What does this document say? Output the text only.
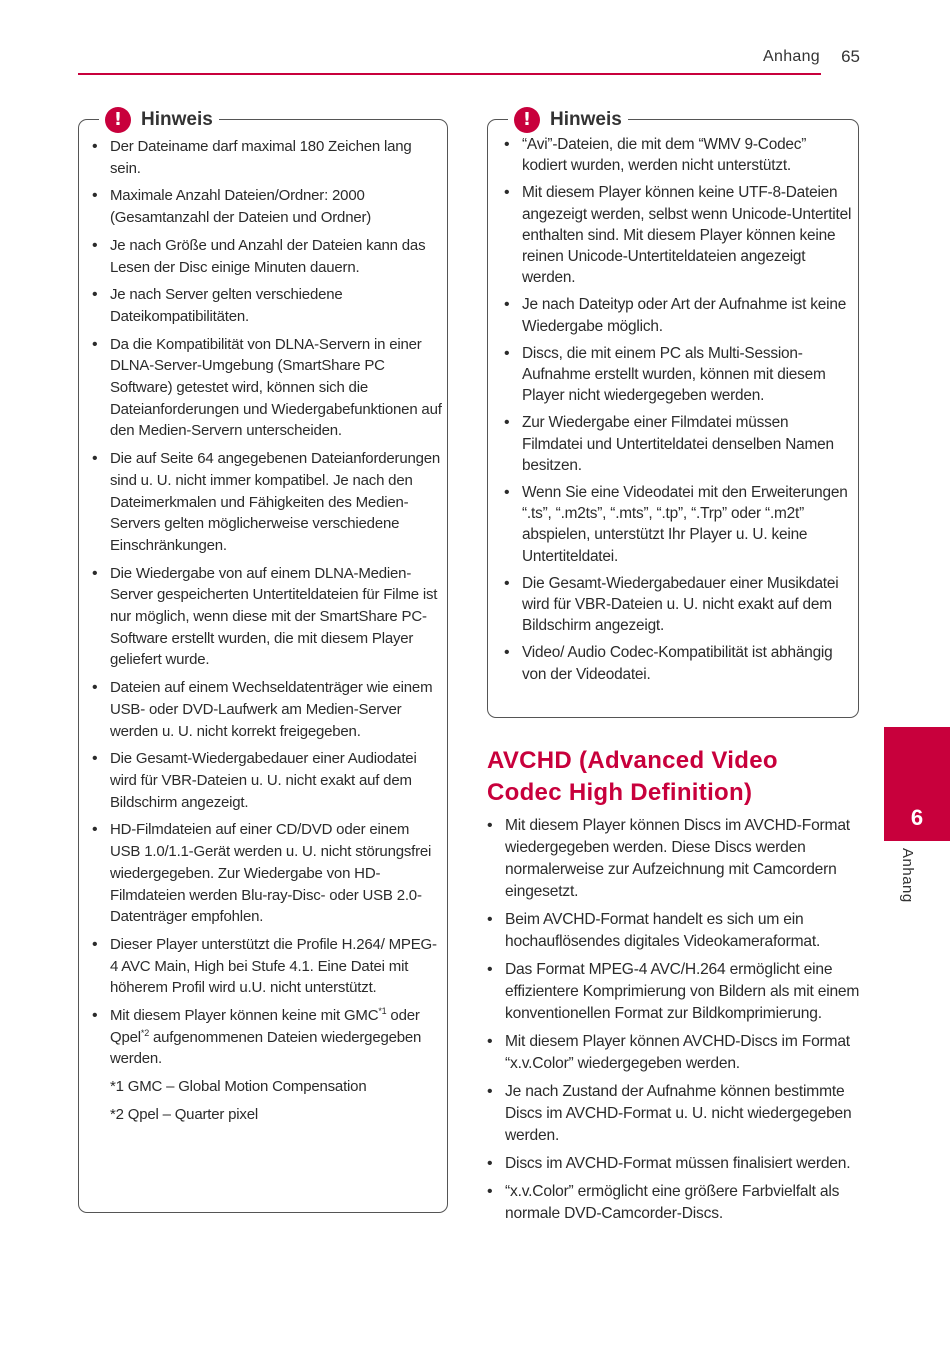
Anhang 65
! Hinweis
• Der Dateiname darf maximal 180 Zeichen lang sein.
• Maximale Anzahl Dateien/Ordner: 2000 (Gesamtanzahl der Dateien und Ordner)
• Je nach Größe und Anzahl der Dateien kann das Lesen der Disc einige Minuten dauern.
• Je nach Server gelten verschiedene Dateikompatibilitäten.
• Da die Kompatibilität von DLNA-Servern in einer DLNA-Server-Umgebung (SmartShare PC Software) getestet wird, können sich die Dateianforderungen und Wiedergabefunktionen auf den Medien-Servern unterscheiden.
• Die auf Seite 64 angegebenen Dateianforderungen sind u. U. nicht immer kompatibel. Je nach den Dateimerkmalen und Fähigkeiten des Medien-Servers gelten möglicherweise verschiedene Einschränkungen.
• Die Wiedergabe von auf einem DLNA-Medien-Server gespeicherten Untertiteldateien für Filme ist nur möglich, wenn diese mit der SmartShare PC-Software erstellt wurden, die mit diesem Player geliefert wurde.
• Dateien auf einem Wechseldatenträger wie einem USB- oder DVD-Laufwerk am Medien-Server werden u. U. nicht korrekt freigegeben.
• Die Gesamt-Wiedergabedauer einer Audiodatei wird für VBR-Dateien u. U. nicht exakt auf dem Bildschirm angezeigt.
• HD-Filmdateien auf einer CD/DVD oder einem USB 1.0/1.1-Gerät werden u. U. nicht störungsfrei wiedergegeben. Zur Wiedergabe von HD-Filmdateien werden Blu-ray-Disc- oder USB 2.0-Datenträger empfohlen.
• Dieser Player unterstützt die Profile H.264/ MPEG-4 AVC Main, High bei Stufe 4.1. Eine Datei mit höherem Profil wird u.U. nicht unterstützt.
• Mit diesem Player können keine mit GMC$^{*1}$ oder Qpel$^{*2}$ aufgenommenen Dateien wiedergegeben werden.
*1 GMC – Global Motion Compensation
*2 Qpel – Quarter pixel
! Hinweis
• “Avi”-Dateien, die mit dem “WMV 9-Codec” kodiert wurden, werden nicht unterstützt.
• Mit diesem Player können keine UTF-8-Dateien angezeigt werden, selbst wenn Unicode-Untertitel enthalten sind. Mit diesem Player können keine reinen Unicode-Untertiteldateien angezeigt werden.
• Je nach Dateityp oder Art der Aufnahme ist keine Wiedergabe möglich.
• Discs, die mit einem PC als Multi-Session-Aufnahme erstellt wurden, können mit diesem Player nicht wiedergegeben werden.
• Zur Wiedergabe einer Filmdatei müssen Filmdatei und Untertiteldatei denselben Namen besitzen.
• Wenn Sie eine Videodatei mit den Erweiterungen “.ts”, “.m2ts”, “.mts”, “.tp”, “.Trp” oder “.m2t” abspielen, unterstützt Ihr Player u. U. keine Untertiteldatei.
• Die Gesamt-Wiedergabedauer einer Musikdatei wird für VBR-Dateien u. U. nicht exakt auf dem Bildschirm angezeigt.
• Video/ Audio Codec-Kompatibilität ist abhängig von der Videodatei.
AVCHD (Advanced Video Codec High Definition)
• Mit diesem Player können Discs im AVCHD-Format wiedergegeben werden. Diese Discs werden normalerweise zur Aufzeichnung mit Camcordern eingesetzt.
• Beim AVCHD-Format handelt es sich um ein hochauflösendes digitales Videokameraformat.
• Das Format MPEG-4 AVC/H.264 ermöglicht eine effizientere Komprimierung von Bildern als mit einem konventionellen Format zur Bildkomprimierung.
• Mit diesem Player können AVCHD-Discs im Format “x.v.Color” wiedergegeben werden.
• Je nach Zustand der Aufnahme können bestimmte Discs im AVCHD-Format u. U. nicht wiedergegeben werden.
• Discs im AVCHD-Format müssen finalisiert werden.
• “x.v.Color” ermöglicht eine größere Farbvielfalt als normale DVD-Camcorder-Discs.
6
Anhang
